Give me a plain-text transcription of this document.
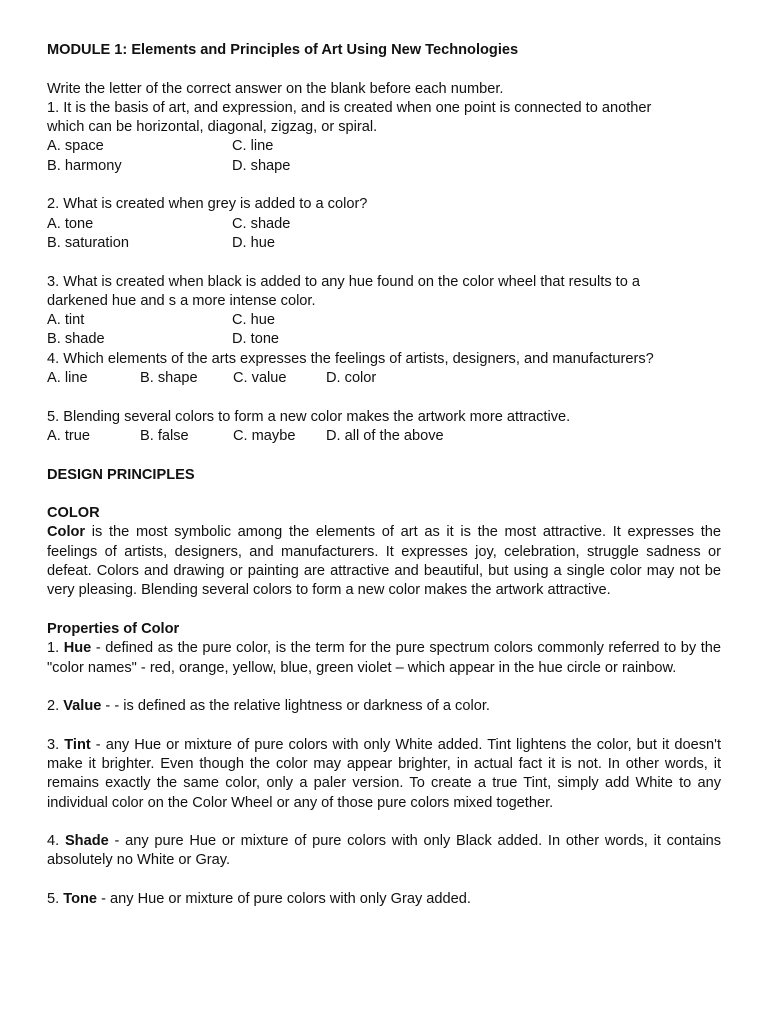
MODULE 1: Elements and Principles of Art Using New Technologies
Write the letter of the correct answer on the blank before each number.
1. It is the basis of art, and expression, and is created when one point is connected to another
which can be horizontal, diagonal, zigzag, or spiral.
A. space	C. line
B. harmony	D. shape
2. What is created when grey is added to a color?
A. tone	C. shade
B. saturation	D. hue
3. What is created when black is added to any hue found on the color wheel that results to a
darkened hue and s a more intense color.
A. tint	C. hue
B. shade	D. tone
4. Which elements of the arts expresses the feelings of artists, designers, and manufacturers?
A. line	B. shape C. value	D. color
5. Blending several colors to form a new color makes the artwork more attractive.
A. true	B. false	C. maybe D. all of the above
DESIGN PRINCIPLES
COLOR

Color is the most symbolic among the elements of art as it is the most attractive. It expresses the feelings of artists, designers, and manufacturers. It expresses joy, celebration, struggle sadness or defeat. Colors and drawing or painting are attractive and beautiful, but using a single color may not be very pleasing. Blending several colors to form a new color makes the artwork attractive.

Properties of Color

1. Hue - defined as the pure color, is the term for the pure spectrum colors commonly referred to by the "color names" - red, orange, yellow, blue, green violet – which appear in the hue circle or rainbow.

2. Value - - is defined as the relative lightness or darkness of a color.

3. Tint - any Hue or mixture of pure colors with only White added. Tint lightens the color, but it doesn't make it brighter. Even though the color may appear brighter, in actual fact it is not. In other words, it remains exactly the same color, only a paler version. To create a true Tint, simply add White to any individual color on the Color Wheel or any of those pure colors mixed together.

4. Shade - any pure Hue or mixture of pure colors with only Black added. In other words, it contains absolutely no White or Gray.

5. Tone - any Hue or mixture of pure colors with only Gray added.
